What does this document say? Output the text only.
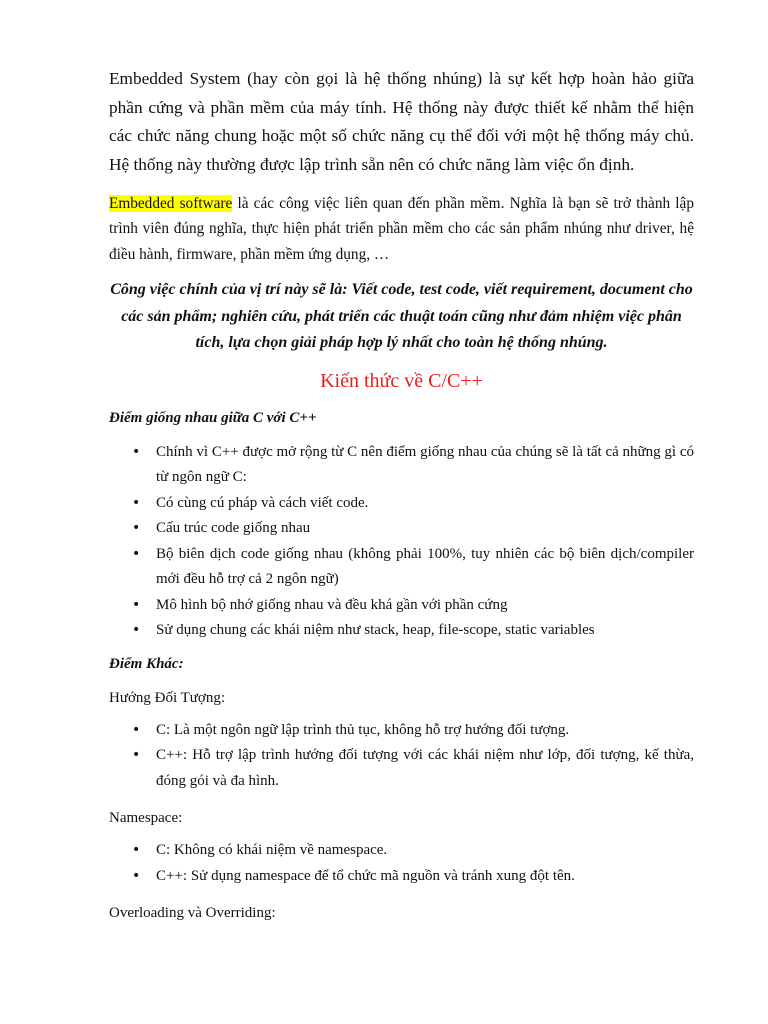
Embedded System (hay còn gọi là hệ thống nhúng) là sự kết hợp hoàn hảo giữa phần cứng và phần mềm của máy tính. Hệ thống này được thiết kế nhằm thể hiện các chức năng chung hoặc một số chức năng cụ thể đối với một hệ thống máy chủ. Hệ thống này thường được lập trình sẵn nên có chức năng làm việc ổn định.

Embedded software là các công việc liên quan đến phần mềm. Nghĩa là bạn sẽ trở thành lập trình viên đúng nghĩa, thực hiện phát triển phần mềm cho các sản phẩm nhúng như driver, hệ điều hành, firmware, phần mềm ứng dụng, …

Công việc chính của vị trí này sẽ là: Viết code, test code, viết requirement, document cho các sản phẩm; nghiên cứu, phát triển các thuật toán cũng như đảm nhiệm việc phân tích, lựa chọn giải pháp hợp lý nhất cho toàn hệ thống nhúng.

Kiến thức về C/C++

Điểm giống nhau giữa C với C++

• Chính vì C++ được mở rộng từ C nên điểm giống nhau của chúng sẽ là tất cả những gì có từ ngôn ngữ C:
• Có cùng cú pháp và cách viết code.
• Cấu trúc code giống nhau
• Bộ biên dịch code giống nhau (không phải 100%, tuy nhiên các bộ biên dịch/compiler mới đều hỗ trợ cả 2 ngôn ngữ)
• Mô hình bộ nhớ giống nhau và đều khá gần với phần cứng
• Sử dụng chung các khái niệm như stack, heap, file-scope, static variables

Điểm Khác:

Hướng Đối Tượng:

• C: Là một ngôn ngữ lập trình thủ tục, không hỗ trợ hướng đối tượng.
• C++: Hỗ trợ lập trình hướng đối tượng với các khái niệm như lớp, đối tượng, kế thừa, đóng gói và đa hình.

Namespace:

• C: Không có khái niệm về namespace.
• C++: Sử dụng namespace để tổ chức mã nguồn và tránh xung đột tên.

Overloading và Overriding:
